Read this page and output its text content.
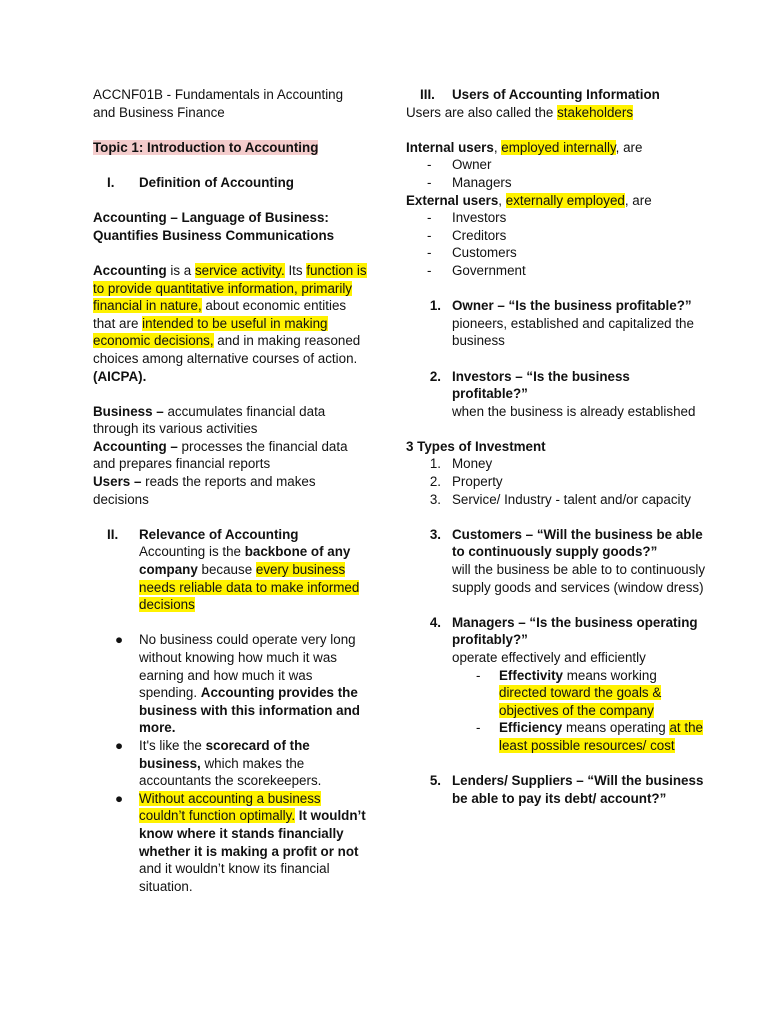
ACCNF01B - Fundamentals in Accounting
and Business Finance
Topic 1: Introduction to Accounting
I.	Definition of Accounting
Accounting – Language of Business:
Quantifies Business Communications
Accounting is a service activity. Its function is to provide quantitative information, primarily financial in nature, about economic entities that are intended to be useful in making economic decisions, and in making reasoned choices among alternative courses of action. (AICPA).
Business – accumulates financial data through its various activities
Accounting – processes the financial data and prepares financial reports
Users – reads the reports and makes decisions
II.	Relevance of Accounting
Accounting is the backbone of any company because every business needs reliable data to make informed decisions
●	No business could operate very long without knowing how much it was earning and how much it was spending. Accounting provides the business with this information and more.
●	It's like the scorecard of the business, which makes the accountants the scorekeepers.
●	Without accounting a business couldn’t function optimally. It wouldn’t know where it stands financially whether it is making a profit or not and it wouldn’t know its financial situation.
III.	Users of Accounting Information
Users are also called the stakeholders
Internal users, employed internally, are
-	Owner
-	Managers
External users, externally employed, are
-	Investors
-	Creditors
-	Customers
-	Government
1. Owner – “Is the business profitable?”
pioneers, established and capitalized the business
2. Investors – “Is the business profitable?”
when the business is already established
3 Types of Investment
1. Money
2. Property
3. Service/ Industry - talent and/or capacity
3. Customers – “Will the business be able to continuously supply goods?”
will the business be able to to continuously supply goods and services (window dress)
4. Managers – “Is the business operating profitably?”
operate effectively and efficiently
-	Effectivity means working directed toward the goals & objectives of the company
-	Efficiency means operating at the least possible resources/ cost
5. Lenders/ Suppliers – “Will the business be able to pay its debt/ account?”
